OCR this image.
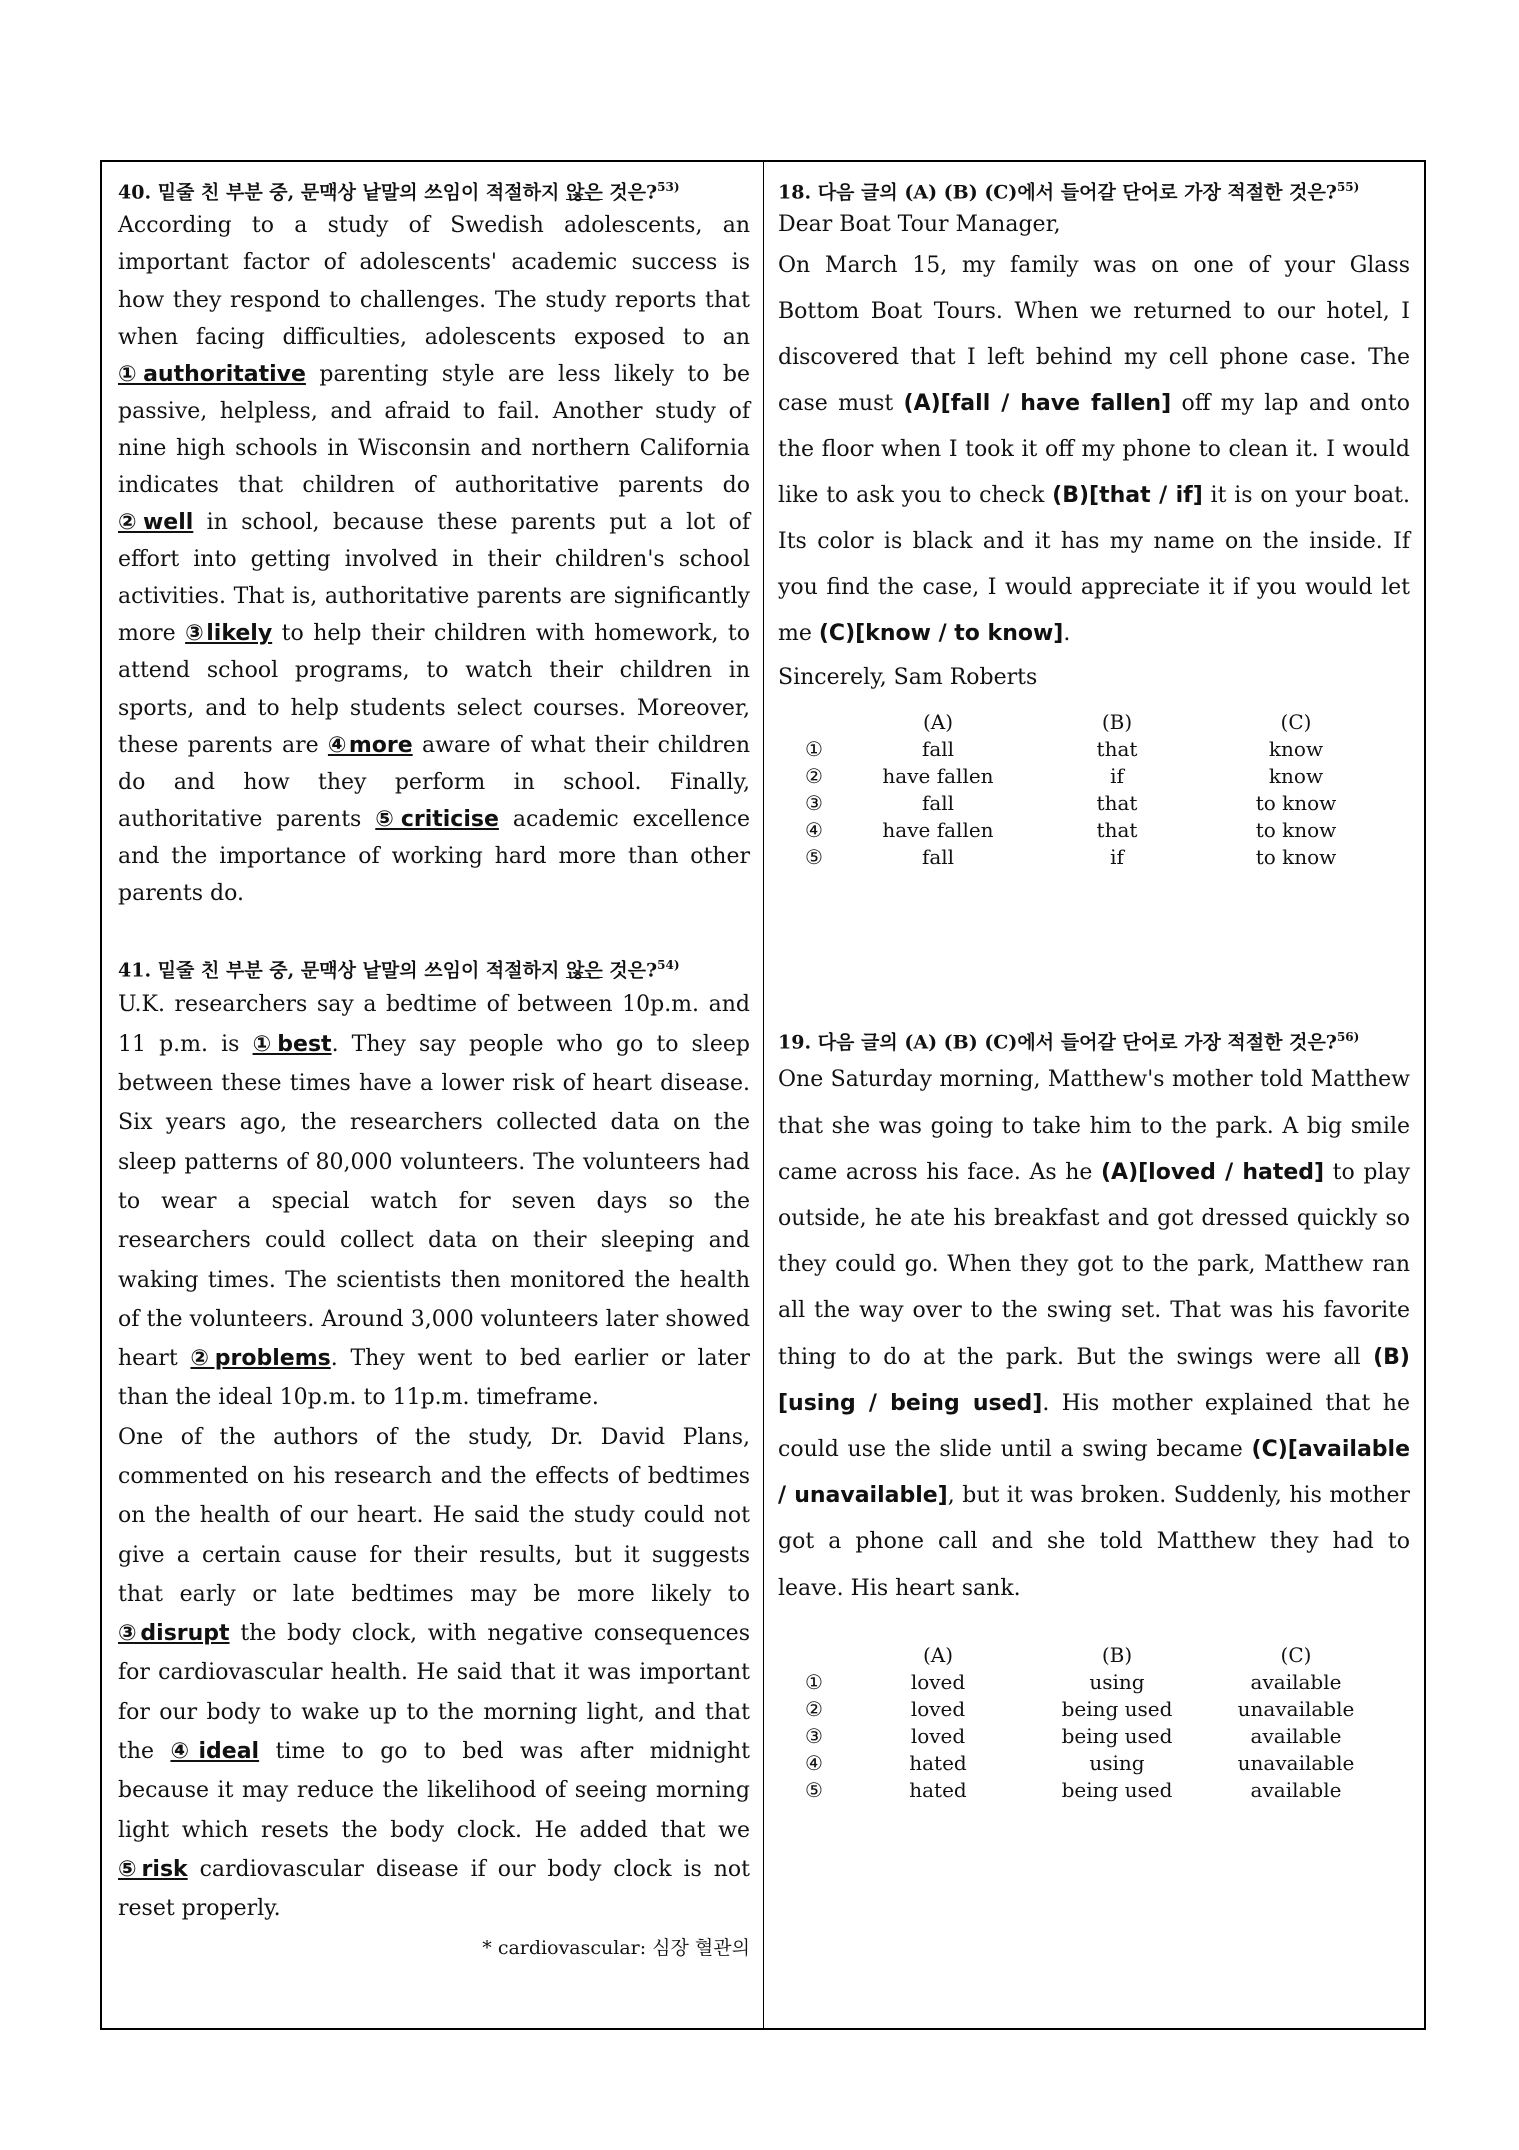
40. 밑줄 친 부분 중, 문맥상 낱말의 쓰임이 적절하지 않은 것은?$^{53)}$
According to a study of Swedish adolescents, an important factor of adolescents' academic success is how they respond to challenges. The study reports that when facing difficulties, adolescents exposed to an ①authoritative parenting style are less likely to be passive, helpless, and afraid to fail. Another study of nine high schools in Wisconsin and northern California indicates that children of authoritative parents do ②well in school, because these parents put a lot of effort into getting involved in their children's school activities. That is, authoritative parents are significantly more ③likely to help their children with homework, to attend school programs, to watch their children in sports, and to help students select courses. Moreover, these parents are ④more aware of what their children do and how they perform in school. Finally, authoritative parents ⑤criticise academic excellence and the importance of working hard more than other parents do.
41. 밑줄 친 부분 중, 문맥상 낱말의 쓰임이 적절하지 않은 것은?$^{54)}$

U.K. researchers say a bedtime of between 10p.m. and 11 p.m. is ①best. They say people who go to sleep between these times have a lower risk of heart disease. Six years ago, the researchers collected data on the sleep patterns of 80,000 volunteers. The volunteers had to wear a special watch for seven days so the researchers could collect data on their sleeping and waking times. The scientists then monitored the health of the volunteers. Around 3,000 volunteers later showed heart ②problems. They went to bed earlier or later than the ideal 10p.m. to 11p.m. timeframe.

One of the authors of the study, Dr. David Plans, commented on his research and the effects of bedtimes on the health of our heart. He said the study could not give a certain cause for their results, but it suggests that early or late bedtimes may be more likely to ③disrupt the body clock, with negative consequences for cardiovascular health. He said that it was important for our body to wake up to the morning light, and that the ④ideal time to go to bed was after midnight because it may reduce the likelihood of seeing morning light which resets the body clock. He added that we ⑤risk cardiovascular disease if our body clock is not reset properly.

* cardiovascular: 심장 혈관의
18. 다음 글의 (A) (B) (C)에서 들어갈 단어로 가장 적절한 것은?$^{55)}$
Dear Boat Tour Manager,
On March 15, my family was on one of your Glass Bottom Boat Tours. When we returned to our hotel, I discovered that I left behind my cell phone case. The case must (A)[fall / have fallen] off my lap and onto the floor when I took it off my phone to clean it. I would like to ask you to check (B)[that / if] it is on your boat. Its color is black and it has my name on the inside. If you find the case, I would appreciate it if you would let me (C)[know / to know].
Sincerely, Sam Roberts
	(A)	(B)	(C)
①	fall	that	know
②	have fallen	if	know
③	fall	that	to know
④	have fallen	that	to know
⑤	fall	if	to know
19. 다음 글의 (A) (B) (C)에서 들어갈 단어로 가장 적절한 것은?$^{56)}$
One Saturday morning, Matthew's mother told Matthew that she was going to take him to the park. A big smile came across his face. As he (A)[loved / hated] to play outside, he ate his breakfast and got dressed quickly so they could go. When they got to the park, Matthew ran all the way over to the swing set. That was his favorite thing to do at the park. But the swings were all (B)[using / being used]. His mother explained that he could use the slide until a swing became (C)[available / unavailable], but it was broken. Suddenly, his mother got a phone call and she told Matthew they had to leave. His heart sank.
	(A)	(B)	(C)
①	loved	using	available
②	loved	being used	unavailable
③	loved	being used	available
④	hated	using	unavailable
⑤	hated	being used	available
